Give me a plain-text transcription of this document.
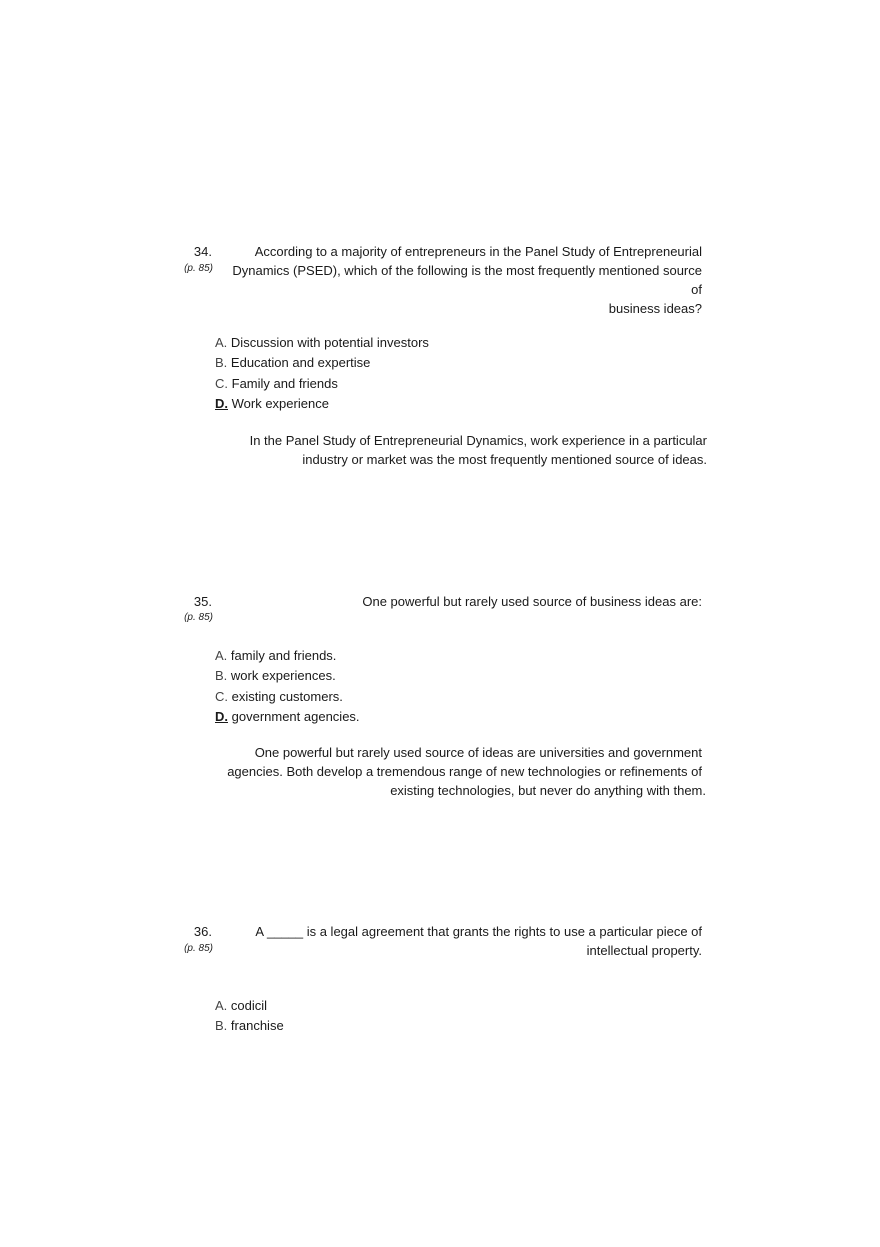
34.
(p. 85)
According to a majority of entrepreneurs in the Panel Study of Entrepreneurial
Dynamics (PSED), which of the following is the most frequently mentioned source of
business ideas?
A. Discussion with potential investors
B. Education and expertise
C. Family and friends
D. Work experience
In the Panel Study of Entrepreneurial Dynamics, work experience in a particular
industry or market was the most frequently mentioned source of ideas.
35.
(p. 85)
One powerful but rarely used source of business ideas are:
A. family and friends.
B. work experiences.
C. existing customers.
D. government agencies.
One powerful but rarely used source of ideas are universities and government
agencies. Both develop a tremendous range of new technologies or refinements of
existing technologies, but never do anything with them.
36.
(p. 85)
A _____ is a legal agreement that grants the rights to use a particular piece of
intellectual property.
A. codicil
B. franchise
